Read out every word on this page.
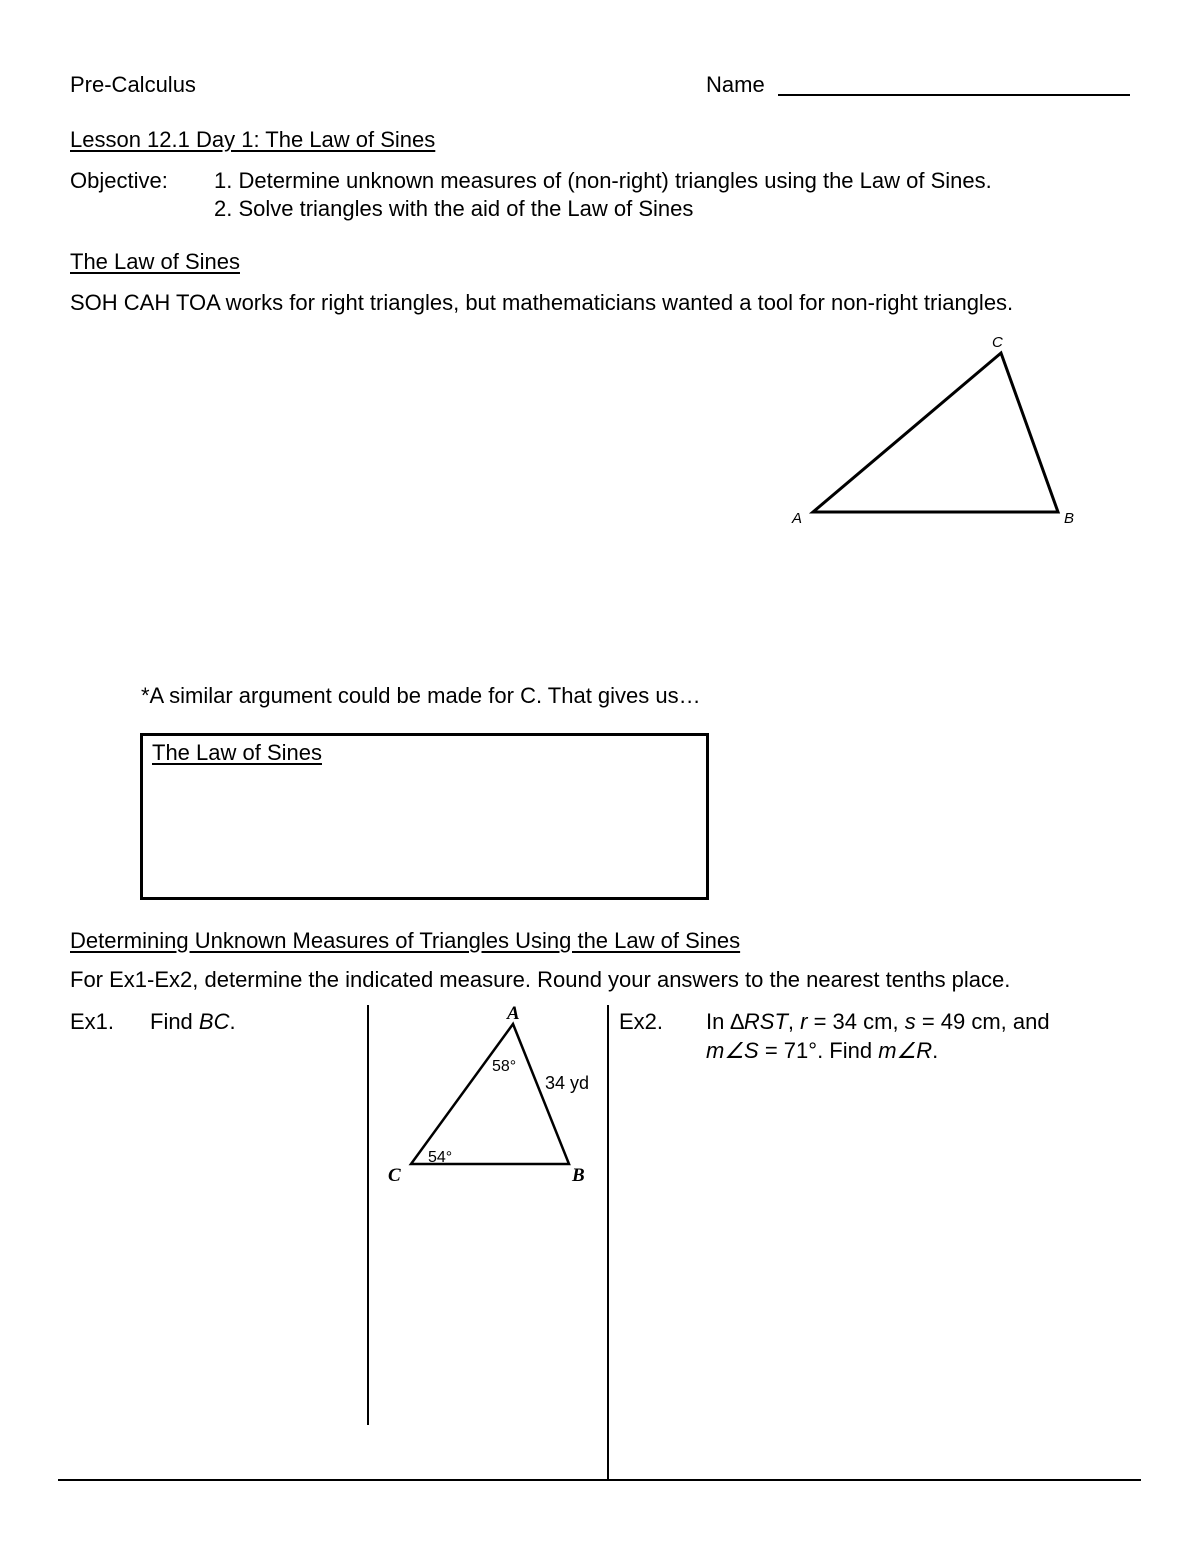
Pre-Calculus	Name
Lesson 12.1 Day 1: The Law of Sines
Objective: 1. Determine unknown measures of (non-right) triangles using the Law of Sines.
2. Solve triangles with the aid of the Law of Sines
The Law of Sines
SOH CAH TOA works for right triangles, but mathematicians wanted a tool for non-right triangles.
C
A	B
*A similar argument could be made for C. That gives us…
The Law of Sines
Determining Unknown Measures of Triangles Using the Law of Sines
For Ex1-Ex2, determine the indicated measure. Round your answers to the nearest tenths place.
Ex1. Find BC.	A
C	B
58°
54°
34 yd
Ex2. In ∆RST, r = 34 cm, s = 49 cm, and
m∠S = 71°. Find m∠R.
